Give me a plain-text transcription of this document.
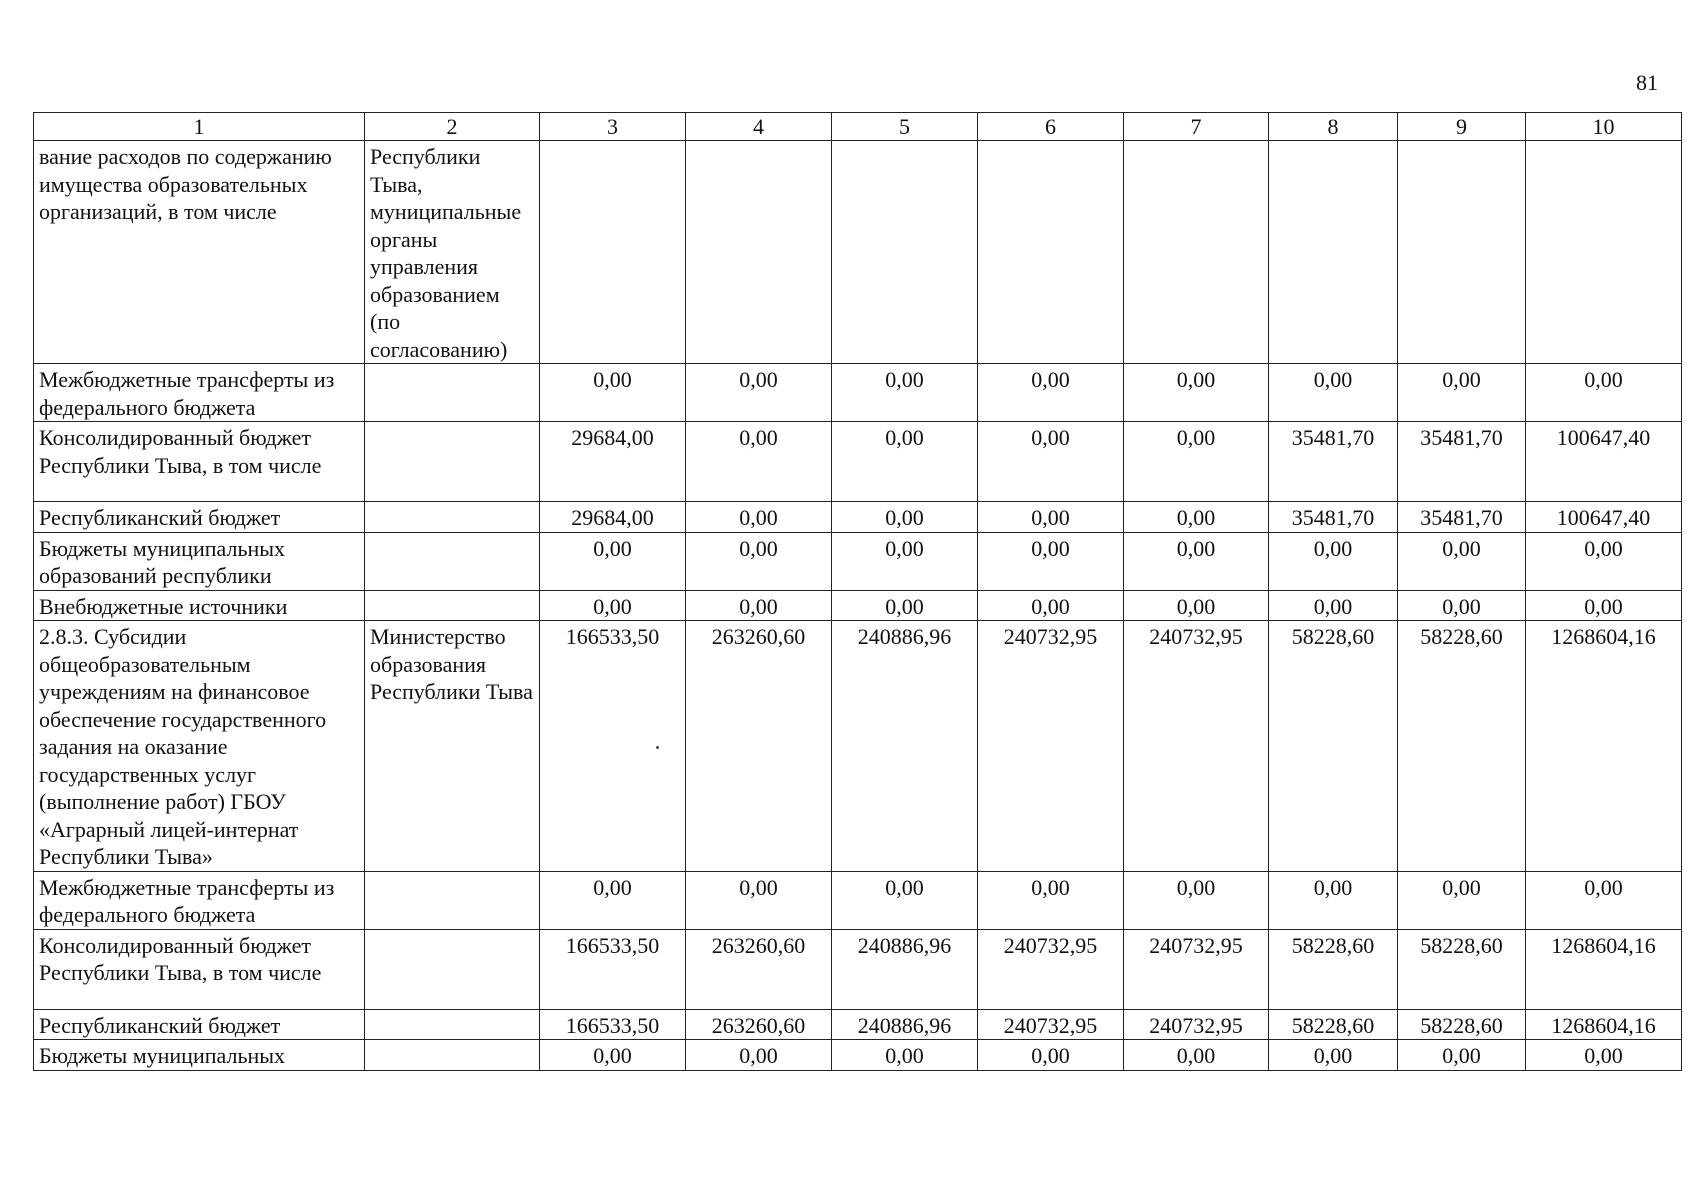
81
1	2	3	4	5	6	7	8	9	10
вание расходов по содержанию имущества образовательных организаций, в том числе	Республики Тыва, муниципальные органы управления образованием (по согласованию)								
Межбюджетные трансферты из федерального бюджета		0,00	0,00	0,00	0,00	0,00	0,00	0,00	0,00
Консолидированный бюджет Республики Тыва, в том числе		29684,00	0,00	0,00	0,00	0,00	35481,70	35481,70	100647,40
Республиканский бюджет		29684,00	0,00	0,00	0,00	0,00	35481,70	35481,70	100647,40
Бюджеты муниципальных образований республики		0,00	0,00	0,00	0,00	0,00	0,00	0,00	0,00
Внебюджетные источники		0,00	0,00	0,00	0,00	0,00	0,00	0,00	0,00
2.8.3. Субсидии общеобразовательным учреждениям на финансовое обеспечение государственного задания на оказание государственных услуг (выполнение работ) ГБОУ «Аграрный лицей-интернат Республики Тыва»	Министерство образования Республики Тыва	166533,50	263260,60	240886,96	240732,95	240732,95	58228,60	58228,60	1268604,16
Межбюджетные трансферты из федерального бюджета		0,00	0,00	0,00	0,00	0,00	0,00	0,00	0,00
Консолидированный бюджет Республики Тыва, в том числе		166533,50	263260,60	240886,96	240732,95	240732,95	58228,60	58228,60	1268604,16
Республиканский бюджет		166533,50	263260,60	240886,96	240732,95	240732,95	58228,60	58228,60	1268604,16
Бюджеты муниципальных		0,00	0,00	0,00	0,00	0,00	0,00	0,00	0,00
